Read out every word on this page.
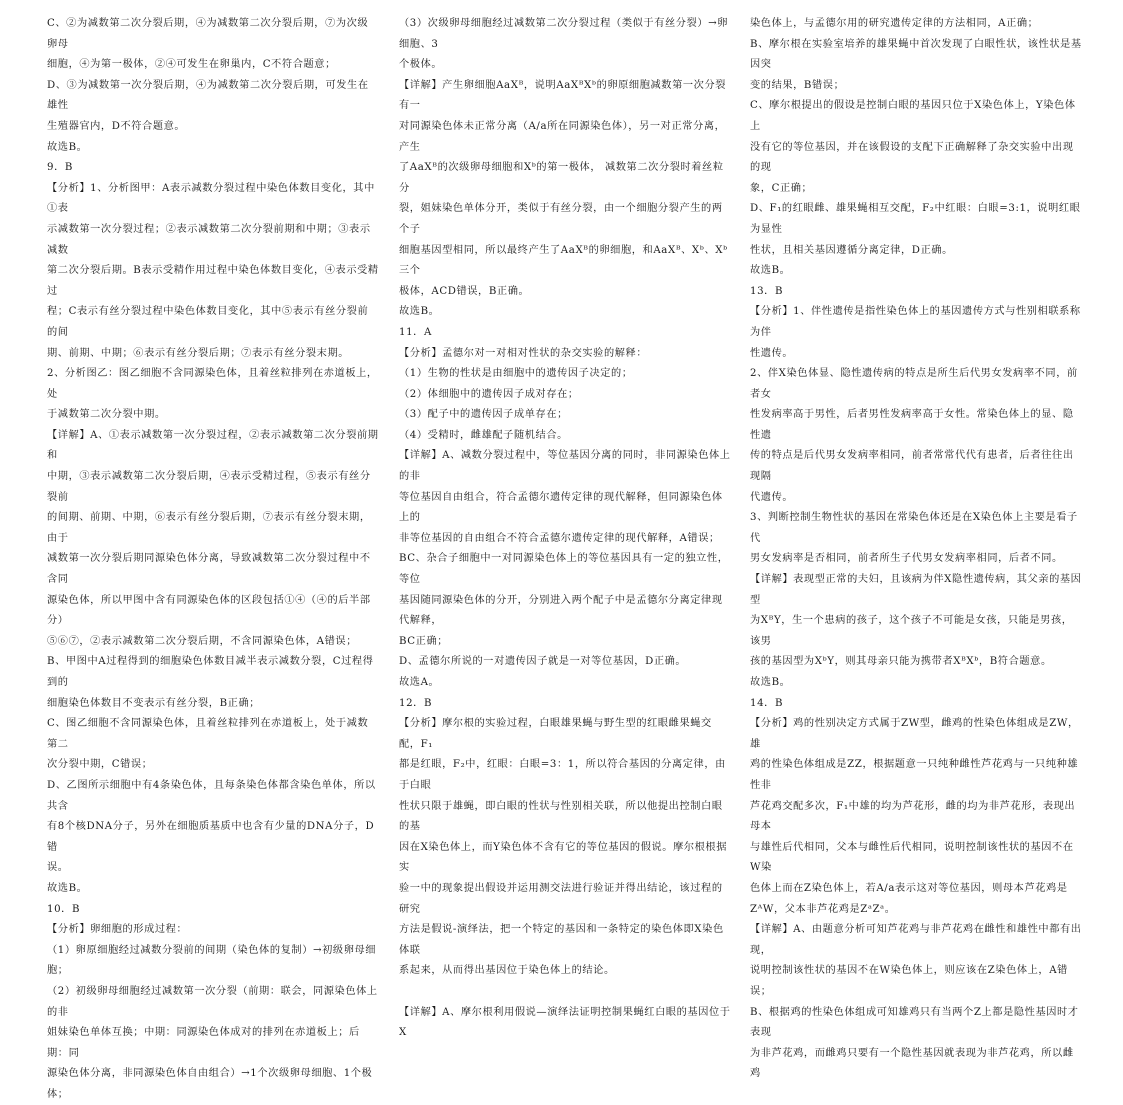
C、②为减数第二次分裂后期，④为减数第二次分裂后期，⑦为次级卵母

细胞，④为第一极体，②④可发生在卵巢内，C不符合题意；

D、③为减数第一次分裂后期，④为减数第二次分裂后期，可发生在雄性

生殖器官内，D不符合题意。

故选B。

9．B

【分析】1、分析图甲：A表示减数分裂过程中染色体数目变化，其中①表

示减数第一次分裂过程；②表示减数第二次分裂前期和中期；③表示减数

第二次分裂后期。B表示受精作用过程中染色体数目变化，④表示受精过

程；C表示有丝分裂过程中染色体数目变化，其中⑤表示有丝分裂前的间

期、前期、中期；⑥表示有丝分裂后期；⑦表示有丝分裂末期。

2、分析图乙：图乙细胞不含同源染色体，且着丝粒排列在赤道板上，处

于减数第二次分裂中期。

【详解】A、①表示减数第一次分裂过程，②表示减数第二次分裂前期和

中期，③表示减数第二次分裂后期，④表示受精过程，⑤表示有丝分裂前

的间期、前期、中期，⑥表示有丝分裂后期，⑦表示有丝分裂末期，由于

减数第一次分裂后期同源染色体分离，导致减数第二次分裂过程中不含同

源染色体，所以甲图中含有同源染色体的区段包括①④（④的后半部分）

⑤⑥⑦，②表示减数第二次分裂后期，不含同源染色体，A错误；

B、甲图中A过程得到的细胞染色体数目减半表示减数分裂，C过程得到的

细胞染色体数目不变表示有丝分裂，B正确；

C、图乙细胞不含同源染色体，且着丝粒排列在赤道板上，处于减数第二

次分裂中期，C错误；

D、乙图所示细胞中有4条染色体，且每条染色体都含染色单体，所以共含

有8个核DNA分子，另外在细胞质基质中也含有少量的DNA分子，D错

误。

故选B。

10．B

【分析】卵细胞的形成过程：

（1）卵原细胞经过减数分裂前的间期（染色体的复制）→初级卵母细胞；

（2）初级卵母细胞经过减数第一次分裂（前期：联会，同源染色体上的非

姐妹染色单体互换；中期：同源染色体成对的排列在赤道板上；后期：同

源染色体分离，非同源染色体自由组合）→1个次级卵母细胞、1个极体；

（3）次级卵母细胞经过减数第二次分裂过程（类似于有丝分裂）→卵细胞、3

个极体。

【详解】产生卵细胞AaXᴮ，说明AaXᴮXᵇ的卵原细胞减数第一次分裂有一

对同源染色体未正常分离（A/a所在同源染色体），另一对正常分离，产生

了AaXᴮ的次级卵母细胞和Xᵇ的第一极体， 减数第二次分裂时着丝粒分

裂，姐妹染色单体分开，类似于有丝分裂，由一个细胞分裂产生的两个子

细胞基因型相同，所以最终产生了AaXᴮ的卵细胞，和AaXᴮ、Xᵇ、Xᵇ三个

极体，ACD错误，B正确。

故选B。

11．A

【分析】孟德尔对一对相对性状的杂交实验的解释：

（1）生物的性状是由细胞中的遗传因子决定的；

（2）体细胞中的遗传因子成对存在；

（3）配子中的遗传因子成单存在；

（4）受精时，雌雄配子随机结合。

【详解】A、减数分裂过程中，等位基因分离的同时，非同源染色体上的非

等位基因自由组合，符合孟德尔遗传定律的现代解释，但同源染色体上的

非等位基因的自由组合不符合孟德尔遗传定律的现代解释，A错误；

BC、杂合子细胞中一对同源染色体上的等位基因具有一定的独立性，等位

基因随同源染色体的分开，分别进入两个配子中是孟德尔分离定律现代解释，

BC正确；

D、孟德尔所说的一对遗传因子就是一对等位基因，D正确。

故选A。

12．B

【分析】摩尔根的实验过程，白眼雄果蝇与野生型的红眼雌果蝇交配，F₁

都是红眼，F₂中，红眼：白眼=3：1，所以符合基因的分离定律，由于白眼

性状只限于雄蝇，即白眼的性状与性别相关联，所以他提出控制白眼的基

因在X染色体上，而Y染色体不含有它的等位基因的假说。摩尔根根据实

验一中的现象提出假设并运用测交法进行验证并得出结论，该过程的研究

方法是假说-演绎法，把一个特定的基因和一条特定的染色体即X染色体联

系起来，从而得出基因位于染色体上的结论。

【详解】A、摩尔根利用假说—演绎法证明控制果蝇红白眼的基因位于X

染色体上，与孟德尔用的研究遗传定律的方法相同，A正确；

B、摩尔根在实验室培养的雄果蝇中首次发现了白眼性状，该性状是基因突

变的结果，B错误；

C、摩尔根提出的假设是控制白眼的基因只位于X染色体上，Y染色体上

没有它的等位基因，并在该假设的支配下正确解释了杂交实验中出现的现

象，C正确；

D、F₁的红眼雌、雄果蝇相互交配，F₂中红眼：白眼=3:1，说明红眼为显性

性状，且相关基因遵循分离定律，D正确。

故选B。

13．B

【分析】1、伴性遗传是指性染色体上的基因遗传方式与性别相联系称为伴

性遗传。

2、伴X染色体显、隐性遗传病的特点是所生后代男女发病率不同，前者女

性发病率高于男性，后者男性发病率高于女性。常染色体上的显、隐性遗

传的特点是后代男女发病率相同，前者常常代代有患者，后者往往出现隔

代遗传。

3、判断控制生物性状的基因在常染色体还是在X染色体上主要是看子代

男女发病率是否相同，前者所生子代男女发病率相同，后者不同。

【详解】表现型正常的夫妇，且该病为伴X隐性遗传病，其父亲的基因型

为XᴮY，生一个患病的孩子，这个孩子不可能是女孩，只能是男孩，该男

孩的基因型为XᵇY，则其母亲只能为携带者XᴮXᵇ，B符合题意。

故选B。

14．B

【分析】鸡的性别决定方式属于ZW型，雌鸡的性染色体组成是ZW，雄

鸡的性染色体组成是ZZ，根据题意一只纯种雌性芦花鸡与一只纯种雄性非

芦花鸡交配多次，F₁中雄的均为芦花形，雌的均为非芦花形，表现出母本

与雄性后代相同，父本与雌性后代相同，说明控制该性状的基因不在W染

色体上而在Z染色体上，若A/a表示这对等位基因，则母本芦花鸡是

ZᴬW，父本非芦花鸡是ZᵃZᵃ。

【详解】A、由题意分析可知芦花鸡与非芦花鸡在雌性和雄性中都有出现，

说明控制该性状的基因不在W染色体上，则应该在Z染色体上，A错误；

B、根据鸡的性染色体组成可知雄鸡只有当两个Z上都是隐性基因时才表现

为非芦花鸡，而雌鸡只要有一个隐性基因就表现为非芦花鸡，所以雌鸡
